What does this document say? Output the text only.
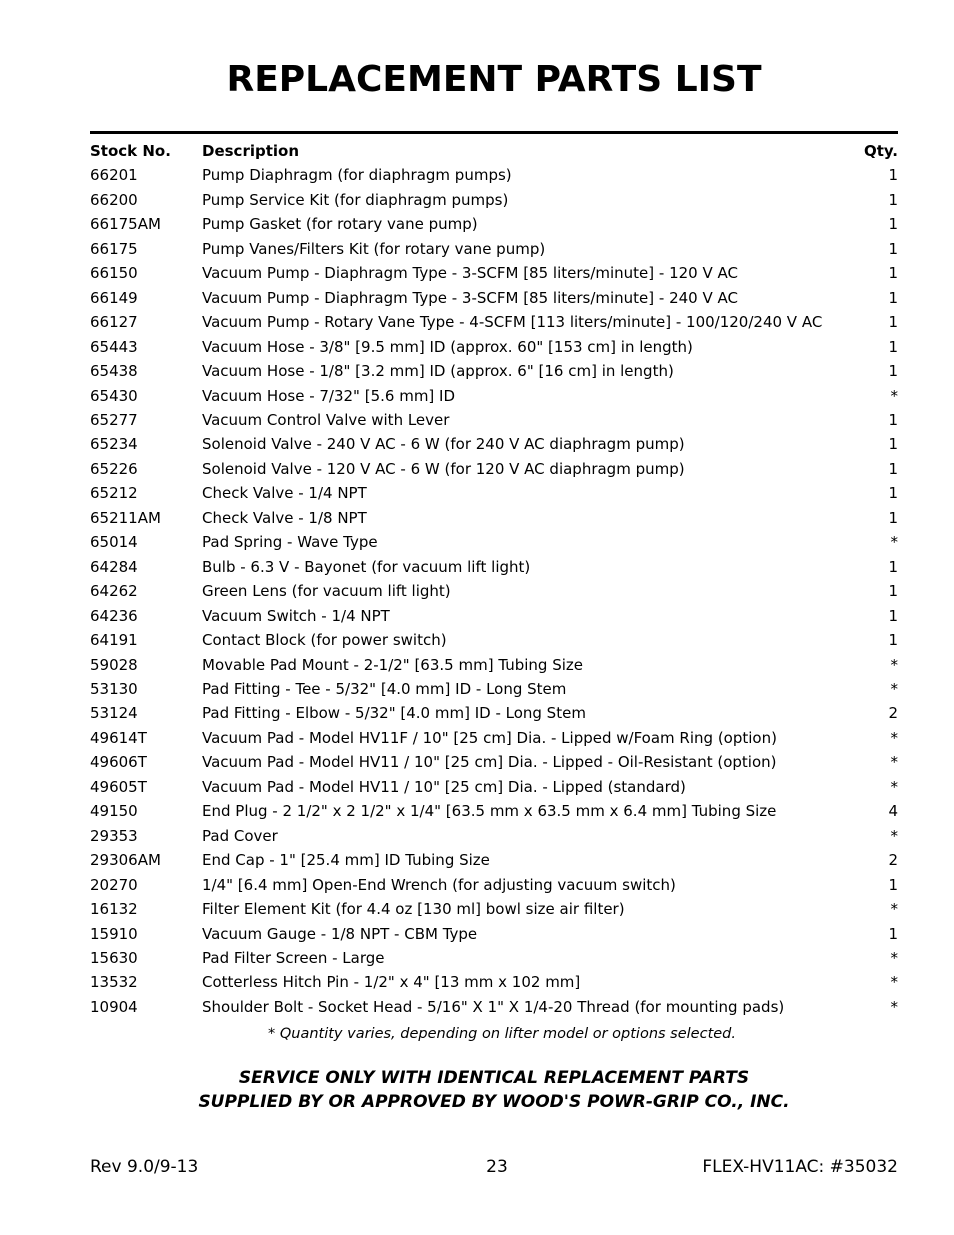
REPLACEMENT PARTS LIST
Stock No.	Description	Qty.
66201	Pump Diaphragm (for diaphragm pumps)	1
66200	Pump Service Kit (for diaphragm pumps)	1
66175AM	Pump Gasket (for rotary vane pump)	1
66175	Pump Vanes/Filters Kit (for rotary vane pump)	1
66150	Vacuum Pump - Diaphragm Type - 3-SCFM [85 liters/minute] - 120 V AC	1
66149	Vacuum Pump - Diaphragm Type - 3-SCFM [85 liters/minute] - 240 V AC	1
66127	Vacuum Pump - Rotary Vane Type - 4-SCFM [113 liters/minute] - 100/120/240 V AC	1
65443	Vacuum Hose - 3/8" [9.5 mm] ID (approx. 60" [153 cm] in length)	1
65438	Vacuum Hose - 1/8" [3.2 mm] ID (approx. 6" [16 cm] in length)	1
65430	Vacuum Hose - 7/32" [5.6 mm] ID	*
65277	Vacuum Control Valve with Lever	1
65234	Solenoid Valve - 240 V AC - 6 W (for 240 V AC diaphragm pump)	1
65226	Solenoid Valve - 120 V AC - 6 W (for 120 V AC diaphragm pump)	1
65212	Check Valve - 1/4 NPT	1
65211AM	Check Valve - 1/8 NPT	1
65014	Pad Spring - Wave Type	*
64284	Bulb - 6.3 V - Bayonet (for vacuum lift light)	1
64262	Green Lens (for vacuum lift light)	1
64236	Vacuum Switch - 1/4 NPT	1
64191	Contact Block (for power switch)	1
59028	Movable Pad Mount - 2-1/2" [63.5 mm] Tubing Size	*
53130	Pad Fitting - Tee - 5/32" [4.0 mm] ID - Long Stem	*
53124	Pad Fitting - Elbow - 5/32" [4.0 mm] ID - Long Stem	2
49614T	Vacuum Pad - Model HV11F / 10" [25 cm] Dia. - Lipped w/Foam Ring (option)	*
49606T	Vacuum Pad - Model HV11 / 10" [25 cm] Dia. - Lipped - Oil-Resistant (option)	*
49605T	Vacuum Pad - Model HV11 / 10" [25 cm] Dia. - Lipped (standard)	*
49150	End Plug - 2 1/2" x 2 1/2" x 1/4" [63.5 mm x 63.5 mm x 6.4 mm] Tubing Size	4
29353	Pad Cover	*
29306AM	End Cap - 1" [25.4 mm] ID Tubing Size	2
20270	1/4" [6.4 mm] Open-End Wrench (for adjusting vacuum switch)	1
16132	Filter Element Kit (for 4.4 oz [130 ml] bowl size air filter)	*
15910	Vacuum Gauge - 1/8 NPT - CBM Type	1
15630	Pad Filter Screen - Large	*
13532	Cotterless Hitch Pin - 1/2" x 4" [13 mm x 102 mm]	*
10904	Shoulder Bolt - Socket Head - 5/16" X 1" X 1/4-20 Thread (for mounting pads)	*
* Quantity varies, depending on lifter model or options selected.
SERVICE ONLY WITH IDENTICAL REPLACEMENT PARTS
SUPPLIED BY OR APPROVED BY WOOD'S POWR-GRIP CO., INC.
Rev 9.0/9-13	23	FLEX-HV11AC: #35032
